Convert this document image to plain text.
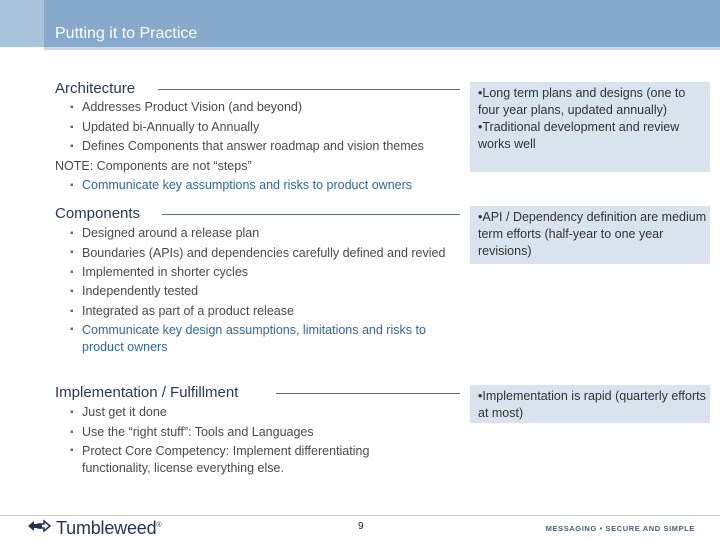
Putting it to Practice
Architecture
▪ Addresses Product Vision (and beyond)
▪ Updated bi-Annually to Annually
▪ Defines Components that answer roadmap and vision themes
NOTE: Components are not “steps”
▪ Communicate key assumptions and risks to product owners
•Long term plans and designs (one to four year plans, updated annually)
•Traditional development and review works well
Components
▪ Designed around a release plan
▪ Boundaries (APIs) and dependencies carefully defined and revied
▪ Implemented in shorter cycles
▪ Independently tested
▪ Integrated as part of a product release
▪ Communicate key design assumptions, limitations and risks to product owners
•API / Dependency definition are medium term efforts (half-year to one year revisions)
Implementation / Fulfillment
▪ Just get it done
▪ Use the “right stuff”: Tools and Languages
▪ Protect Core Competency: Implement differentiating functionality, license everything else.
•Implementation is rapid (quarterly efforts at most)
Tumbleweed®	9	MESSAGING • SECURE AND SIMPLE
